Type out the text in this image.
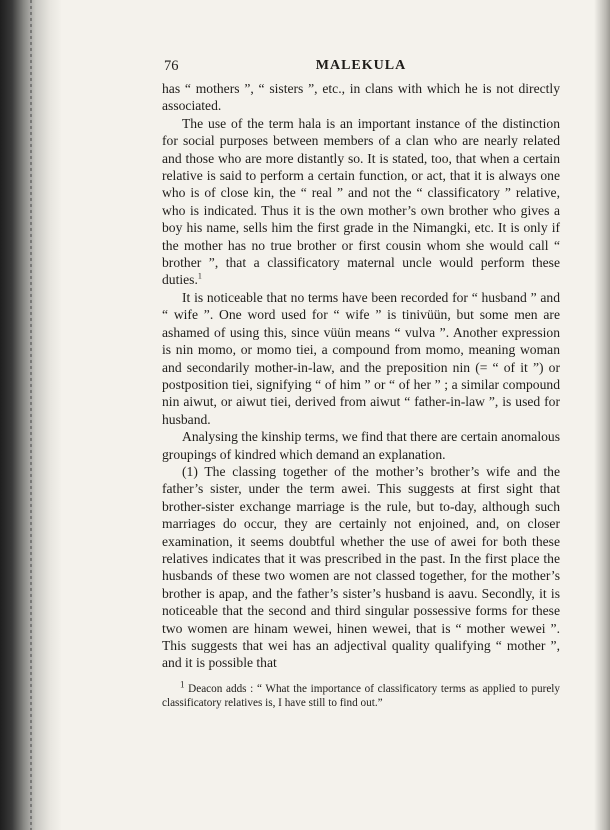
76	MALEKULA

has “ mothers ”, “ sisters ”, etc., in clans with which he is not directly associated.

The use of the term hala is an important instance of the distinction for social purposes between members of a clan who are nearly related and those who are more distantly so. It is stated, too, that when a certain relative is said to perform a certain function, or act, that it is always one who is of close kin, the “ real ” and not the “ classificatory ” relative, who is indicated. Thus it is the own mother’s own brother who gives a boy his name, sells him the first grade in the Nimangki, etc. It is only if the mother has no true brother or first cousin whom she would call “ brother ”, that a classificatory maternal uncle would perform these duties.$^1$

It is noticeable that no terms have been recorded for “ husband ” and “ wife ”. One word used for “ wife ” is tinivüün, but some men are ashamed of using this, since vüün means “ vulva ”. Another expression is nin momo, or momo tiei, a compound from momo, meaning woman and secondarily mother-in-law, and the preposition nin (= “ of it ”) or postposition tiei, signifying “ of him ” or “ of her ” ; a similar compound nin aiwut, or aiwut tiei, derived from aiwut “ father-in-law ”, is used for husband.

Analysing the kinship terms, we find that there are certain anomalous groupings of kindred which demand an explanation.

(1) The classing together of the mother’s brother’s wife and the father’s sister, under the term awei. This suggests at first sight that brother-sister exchange marriage is the rule, but to-day, although such marriages do occur, they are certainly not enjoined, and, on closer examination, it seems doubtful whether the use of awei for both these relatives indicates that it was prescribed in the past. In the first place the husbands of these two women are not classed together, for the mother’s brother is apap, and the father’s sister’s husband is aavu. Secondly, it is noticeable that the second and third singular possessive forms for these two women are hinam wewei, hinen wewei, that is “ mother wewei ”. This suggests that wei has an adjectival quality qualifying “ mother ”, and it is possible that

$^1$ Deacon adds : “ What the importance of classificatory terms as applied to purely classificatory relatives is, I have still to find out.”
